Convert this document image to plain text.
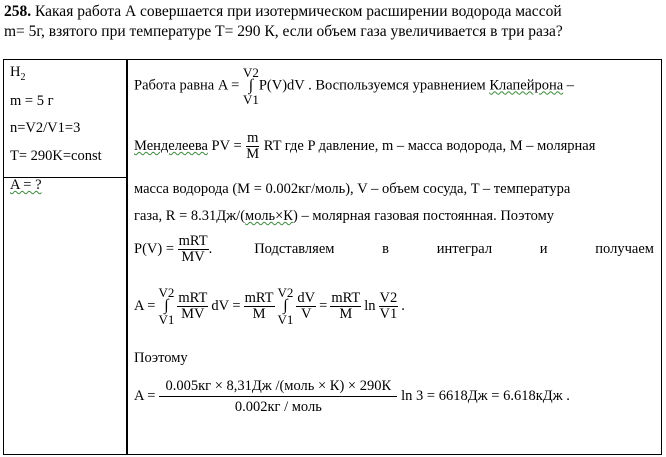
258. Какая работа А совершается при изотермическом расширении водорода массой
m= 5г, взятого при температуре T= 290 К, если объем газа увеличивается в три раза?
$H_2$
m = 5 г
n=V2/V1=3
T= 290K=const
A = ?
Работа равна A =
V2
∫
V1
P(V)dV . Воспользуемся уравнением Клапейрона –
Менделеева PV = $\frac{m}{M}$ RT где P давление, m – масса водорода, M – молярная
масса водорода (M = 0.002кг/моль), V – объем сосуда, T – температура
газа, R = 8.31Дж/(моль×К) – молярная газовая постоянная. Поэтому
P(V) =
$\frac{\text{mRT}}{MV}$ .	Подставляем	в	интеграл	и	получаем
A =
V2
∫
$V1 \frac{\text{mRT}}{MV}$ dV = $\frac{\text{mRT}}{M} V2$
∫
$V1 \frac{dV}{V} = \frac{\text{mRT}}{M}$ $\ln \frac{V2}{V1}$ .
Поэтому
$A = \frac{\text{0.005кг × 8,31Дж /(моль × К) × 290К}}{\text{0.002кг / моль}}$ ln 3 = 6618Дж = 6.618кДж .
